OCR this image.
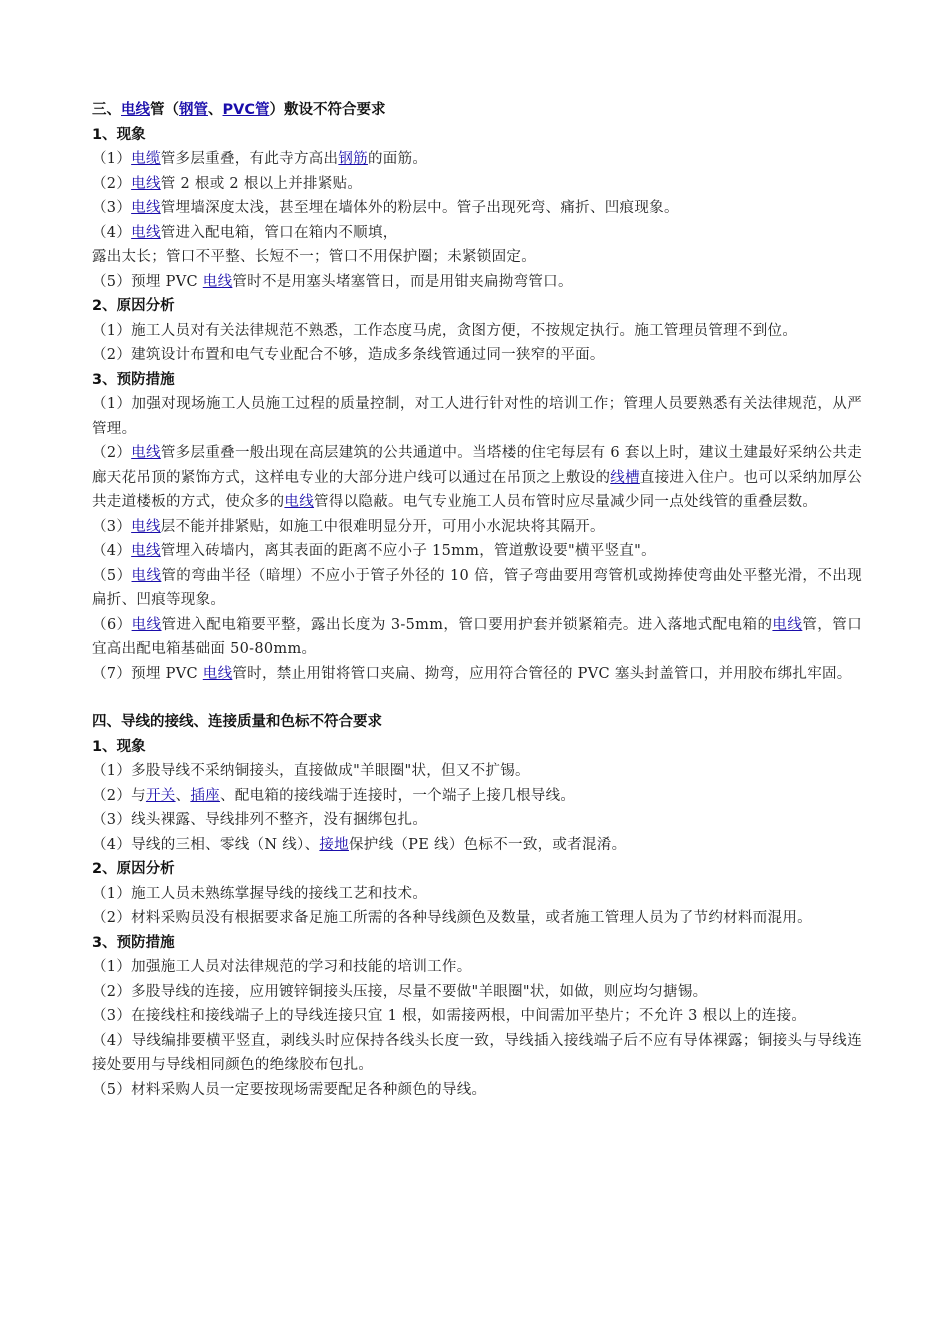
三、电线管（钢管、PVC管）敷设不符合要求

1、现象

（1）电缆管多层重叠，有此寺方高出钢筋的面筋。

（2）电线管 2 根或 2 根以上并排紧贴。

（3）电线管埋墙深度太浅，甚至埋在墙体外的粉层中。管子出现死弯、痛折、凹痕现象。

（4）电线管进入配电箱，管口在箱内不顺填，

露出太长；管口不平整、长短不一；管口不用保护圈；未紧锁固定。

（5）预埋 PVC 电线管时不是用塞头堵塞管日，而是用钳夹扁拗弯管口。

2、原因分析

（1）施工人员对有关法律规范不熟悉，工作态度马虎，贪图方便，不按规定执行。施工管理员管理不到位。

（2）建筑设计布置和电气专业配合不够，造成多条线管通过同一狭窄的平面。

3、预防措施

（1）加强对现场施工人员施工过程的质量控制，对工人进行针对性的培训工作；管理人员要熟悉有关法律规范，从严管理。

（2）电线管多层重叠一般出现在高层建筑的公共通道中。当塔楼的住宅每层有 6 套以上时，建议土建最好采纳公共走廊天花吊顶的紧饰方式，这样电专业的大部分进户线可以通过在吊顶之上敷设的线槽直接进入住户。也可以采纳加厚公共走道楼板的方式，使众多的电线管得以隐蔽。电气专业施工人员布管时应尽量减少同一点处线管的重叠层数。

（3）电线层不能并排紧贴，如施工中很难明显分开，可用小水泥块将其隔开。

（4）电线管埋入砖墙内，离其表面的距离不应小子 15mm，管道敷设要"横平竖直"。

（5）电线管的弯曲半径（暗埋）不应小于管子外径的 10 倍，管子弯曲要用弯管机或拗捧使弯曲处平整光滑，不出现扁折、凹痕等现象。

（6）电线管进入配电箱要平整，露出长度为 3-5mm，管口要用护套并锁紧箱壳。进入落地式配电箱的电线管，管口宜高出配电箱基础面 50-80mm。

（7）预埋 PVC 电线管时，禁止用钳将管口夹扁、拗弯，应用符合管径的 PVC 塞头封盖管口，并用胶布绑扎牢固。

四、导线的接线、连接质量和色标不符合要求

1、现象

（1）多股导线不采纳铜接头，直接做成"羊眼圈"状，但又不扩锡。

（2）与开关、插座、配电箱的接线端于连接时，一个端子上接几根导线。

（3）线头裸露、导线排列不整齐，没有捆绑包扎。

（4）导线的三相、零线（N 线）、接地保护线（PE 线）色标不一致，或者混淆。

2、原因分析

（1）施工人员未熟练掌握导线的接线工艺和技术。

（2）材料采购员没有根据要求备足施工所需的各种导线颜色及数量，或者施工管理人员为了节约材料而混用。

3、预防措施

（1）加强施工人员对法律规范的学习和技能的培训工作。

（2）多股导线的连接，应用镀锌铜接头压接，尽量不要做"羊眼圈"状，如做，则应均匀搪锡。

（3）在接线柱和接线端子上的导线连接只宜 1 根，如需接两根，中间需加平垫片；不允许 3 根以上的连接。

（4）导线编排要横平竖直，剥线头时应保持各线头长度一致，导线插入接线端子后不应有导体裸露；铜接头与导线连接处要用与导线相同颜色的绝缘胶布包扎。

（5）材料采购人员一定要按现场需要配足各种颜色的导线。
